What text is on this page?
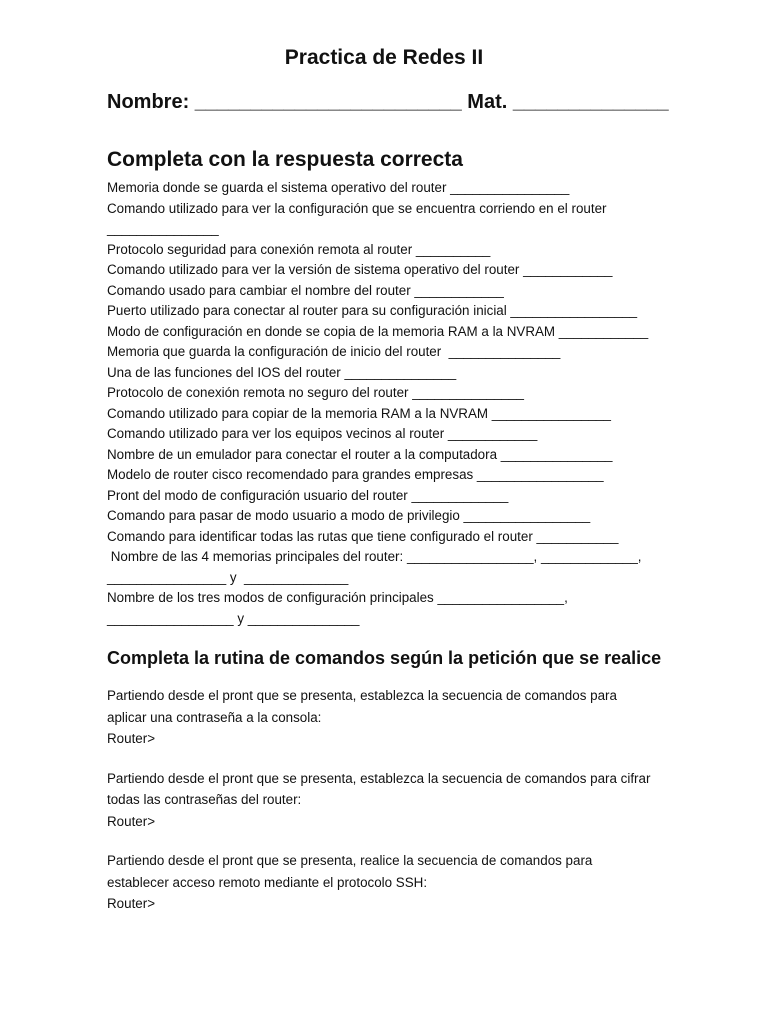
Practica de Redes II
Nombre: ________________________ Mat. ______________
Completa con la respuesta correcta

Memoria donde se guarda el sistema operativo del router ________________

Comando utilizado para ver la configuración que se encuentra corriendo en el router

_______________

Protocolo seguridad para conexión remota al router __________

Comando utilizado para ver la versión de sistema operativo del router ____________

Comando usado para cambiar el nombre del router ____________

Puerto utilizado para conectar al router para su configuración inicial _________________

Modo de configuración en donde se copia de la memoria RAM a la NVRAM ____________

Memoria que guarda la configuración de inicio del router  _______________

Una de las funciones del IOS del router _______________

Protocolo de conexión remota no seguro del router _______________

Comando utilizado para copiar de la memoria RAM a la NVRAM ________________

Comando utilizado para ver los equipos vecinos al router ____________

Nombre de un emulador para conectar el router a la computadora _______________

Modelo de router cisco recomendado para grandes empresas _________________

Pront del modo de configuración usuario del router _____________

Comando para pasar de modo usuario a modo de privilegio _________________

Comando para identificar todas las rutas que tiene configurado el router ___________

Nombre de las 4 memorias principales del router: _________________, _____________,

________________ y  ______________

Nombre de los tres modos de configuración principales _________________,

_________________ y _______________

Completa la rutina de comandos según la petición que se realice

Partiendo desde el pront que se presenta, establezca la secuencia de comandos para

aplicar una contraseña a la consola:

Router>

Partiendo desde el pront que se presenta, establezca la secuencia de comandos para cifrar

todas las contraseñas del router:

Router>

Partiendo desde el pront que se presenta, realice la secuencia de comandos para

establecer acceso remoto mediante el protocolo SSH:

Router>
